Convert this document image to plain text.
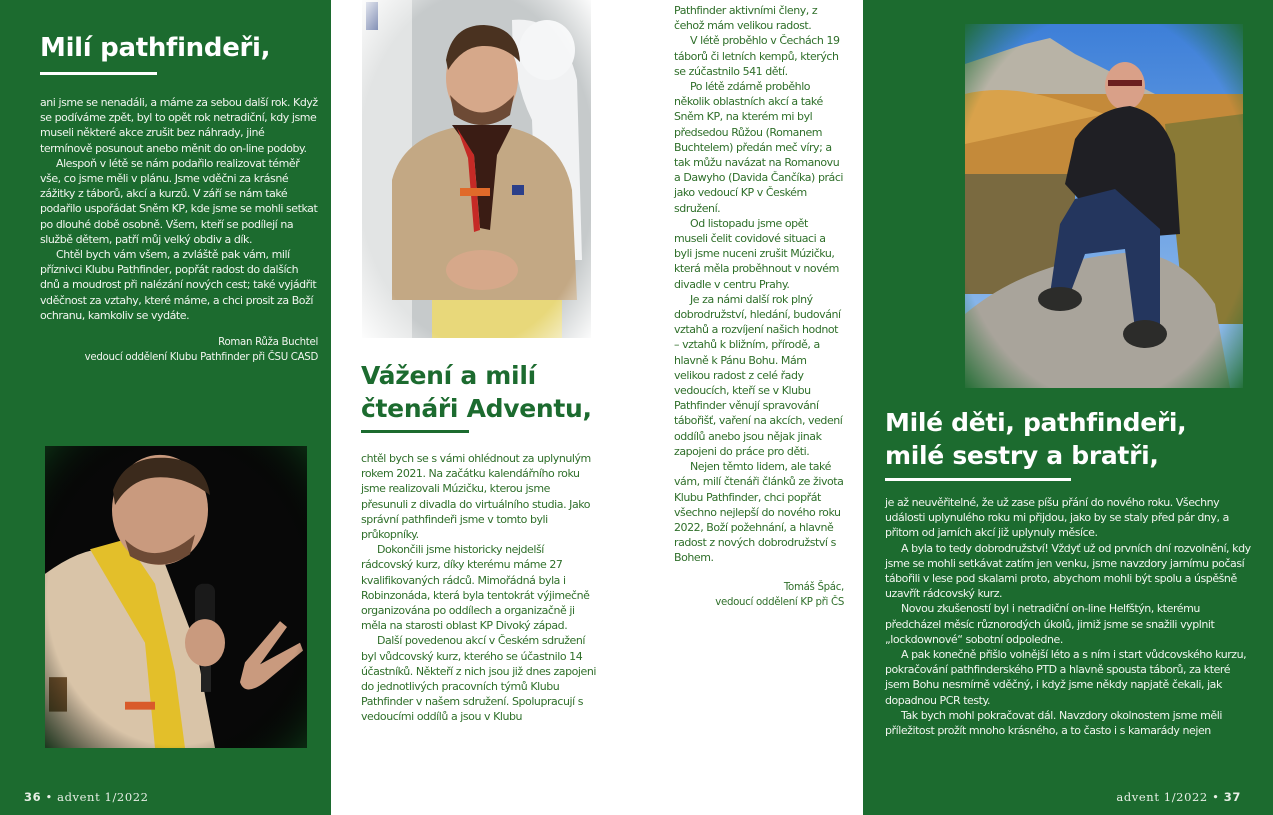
Milí pathfindeři,

ani jsme se nenadáli, a máme za sebou další rok. Když se podíváme zpět, byl to opět rok netradiční, kdy jsme museli některé akce zrušit bez náhrady, jiné termínově posunout anebo měnit do on-line podoby.

Alespoň v létě se nám podařilo realizovat téměř vše, co jsme měli v plánu. Jsme vděčni za krásné zážitky z táborů, akcí a kurzů. V září se nám také podařilo uspořádat Sněm KP, kde jsme se mohli setkat po dlouhé době osobně. Všem, kteří se podílejí na službě dětem, patří můj velký obdiv a dík.

Chtěl bych vám všem, a zvláště pak vám, milí příznivci Klubu Pathfinder, popřát radost do dalších dnů a moudrost při nalézání nových cest; také vyjádřit vděčnost za vztahy, které máme, a chci prosit za Boží ochranu, kamkoliv se vydáte.

Roman Růža Buchtel
vedoucí oddělení Klubu Pathfinder při ČSU CASD
36 • advent 1/2022
Vážení a milí
čtenáři Adventu,

chtěl bych se s vámi ohlédnout za uplynulým rokem 2021. Na začátku kalendářního roku jsme realizovali Múzičku, kterou jsme přesunuli z divadla do virtuálního studia. Jako správní pathfindeři jsme v tomto byli průkopníky.

Dokončili jsme historicky nejdelší rádcovský kurz, díky kterému máme 27 kvalifikovaných rádců. Mimořádná byla i Robinzonáda, která byla tentokrát výjimečně organizována po oddílech a organizačně ji měla na starosti oblast KP Divoký západ.

Další povedenou akcí v Českém sdružení byl vůdcovský kurz, kterého se účastnilo 14 účastníků. Někteří z nich jsou již dnes zapojeni do jednotlivých pracovních týmů Klubu Pathfinder v našem sdružení. Spolupracují s vedoucími oddílů a jsou v Klubu

Pathfinder aktivními členy, z čehož mám velikou radost.

V létě proběhlo v Čechách 19 táborů či letních kempů, kterých se zúčastnilo 541 dětí.

Po létě zdárně proběhlo několik oblastních akcí a také Sněm KP, na kterém mi byl předsedou Růžou (Romanem Buchtelem) předán meč víry; a tak můžu navázat na Romanovu a Dawyho (Davida Čančíka) práci jako vedoucí KP v Českém sdružení.

Od listopadu jsme opět museli čelit covidové situaci a byli jsme nuceni zrušit Múzičku, která měla proběhnout v novém divadle v centru Prahy.

Je za námi další rok plný dobrodružství, hledání, budování vztahů a rozvíjení našich hodnot – vztahů k bližním, přírodě, a hlavně k Pánu Bohu. Mám velikou radost z celé řady vedoucích, kteří se v Klubu Pathfinder věnují spravování tábořišť, vaření na akcích, vedení oddílů anebo jsou nějak jinak zapojeni do práce pro děti.

Nejen těmto lidem, ale také vám, milí čtenáři článků ze života Klubu Pathfinder, chci popřát všechno nejlepší do nového roku 2022, Boží požehnání, a hlavně radost z nových dobrodružství s Bohem.

Tomáš Špác,
vedoucí oddělení KP při ČS
Milé děti, pathfindeři,
milé sestry a bratři,

je až neuvěřitelné, že už zase píšu přání do nového roku. Všechny události uplynulého roku mi přijdou, jako by se staly před pár dny, a přitom od jarních akcí již uplynuly měsíce.

A byla to tedy dobrodružství! Vždyť už od prvních dní rozvolnění, kdy jsme se mohli setkávat zatím jen venku, jsme navzdory jarnímu počasí tábořili v lese pod skalami proto, abychom mohli být spolu a úspěšně uzavřít rádcovský kurz.

Novou zkušeností byl i netradiční on-line Helfštýn, kterému předcházel měsíc různorodých úkolů, jimiž jsme se snažili vyplnit „lockdownové“ sobotní odpoledne.

A pak konečně přišlo volnější léto a s ním i start vůdcovského kurzu, pokračování pathfinderského PTD a hlavně spousta táborů, za které jsem Bohu nesmírně vděčný, i když jsme někdy napjatě čekali, jak dopadnou PCR testy.

Tak bych mohl pokračovat dál. Navzdory okolnostem jsme měli příležitost prožít mnoho krásného, a to často i s kamarády nejen

advent 1/2022 • 37
